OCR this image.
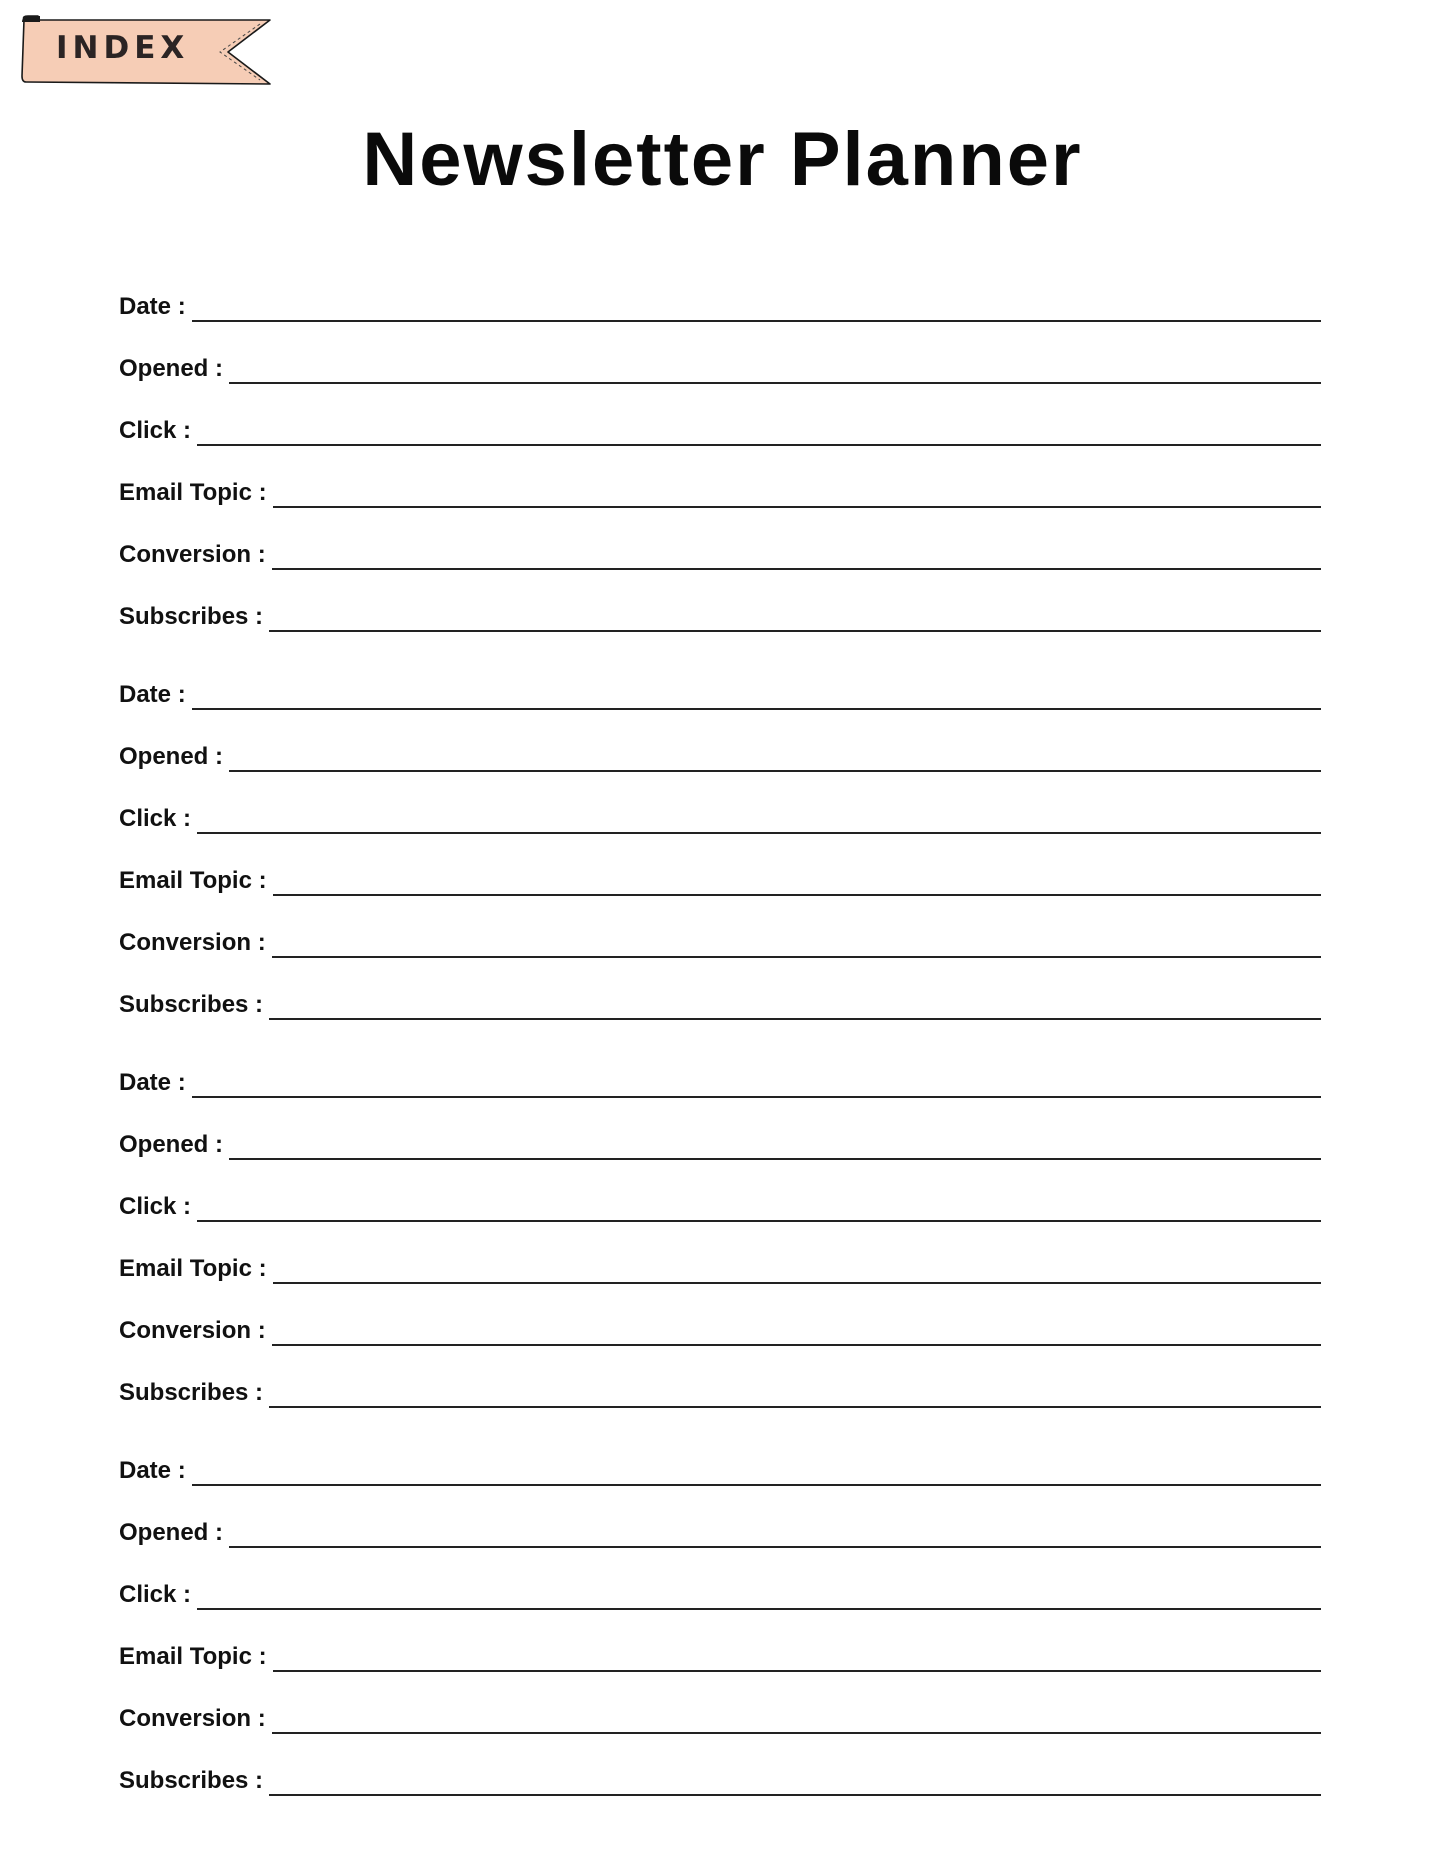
INDEX
Newsletter Planner
Date :
Opened :
Click :
Email Topic :
Conversion :
Subscribes :
Date :
Opened :
Click :
Email Topic :
Conversion :
Subscribes :
Date :
Opened :
Click :
Email Topic :
Conversion :
Subscribes :
Date :
Opened :
Click :
Email Topic :
Conversion :
Subscribes :
